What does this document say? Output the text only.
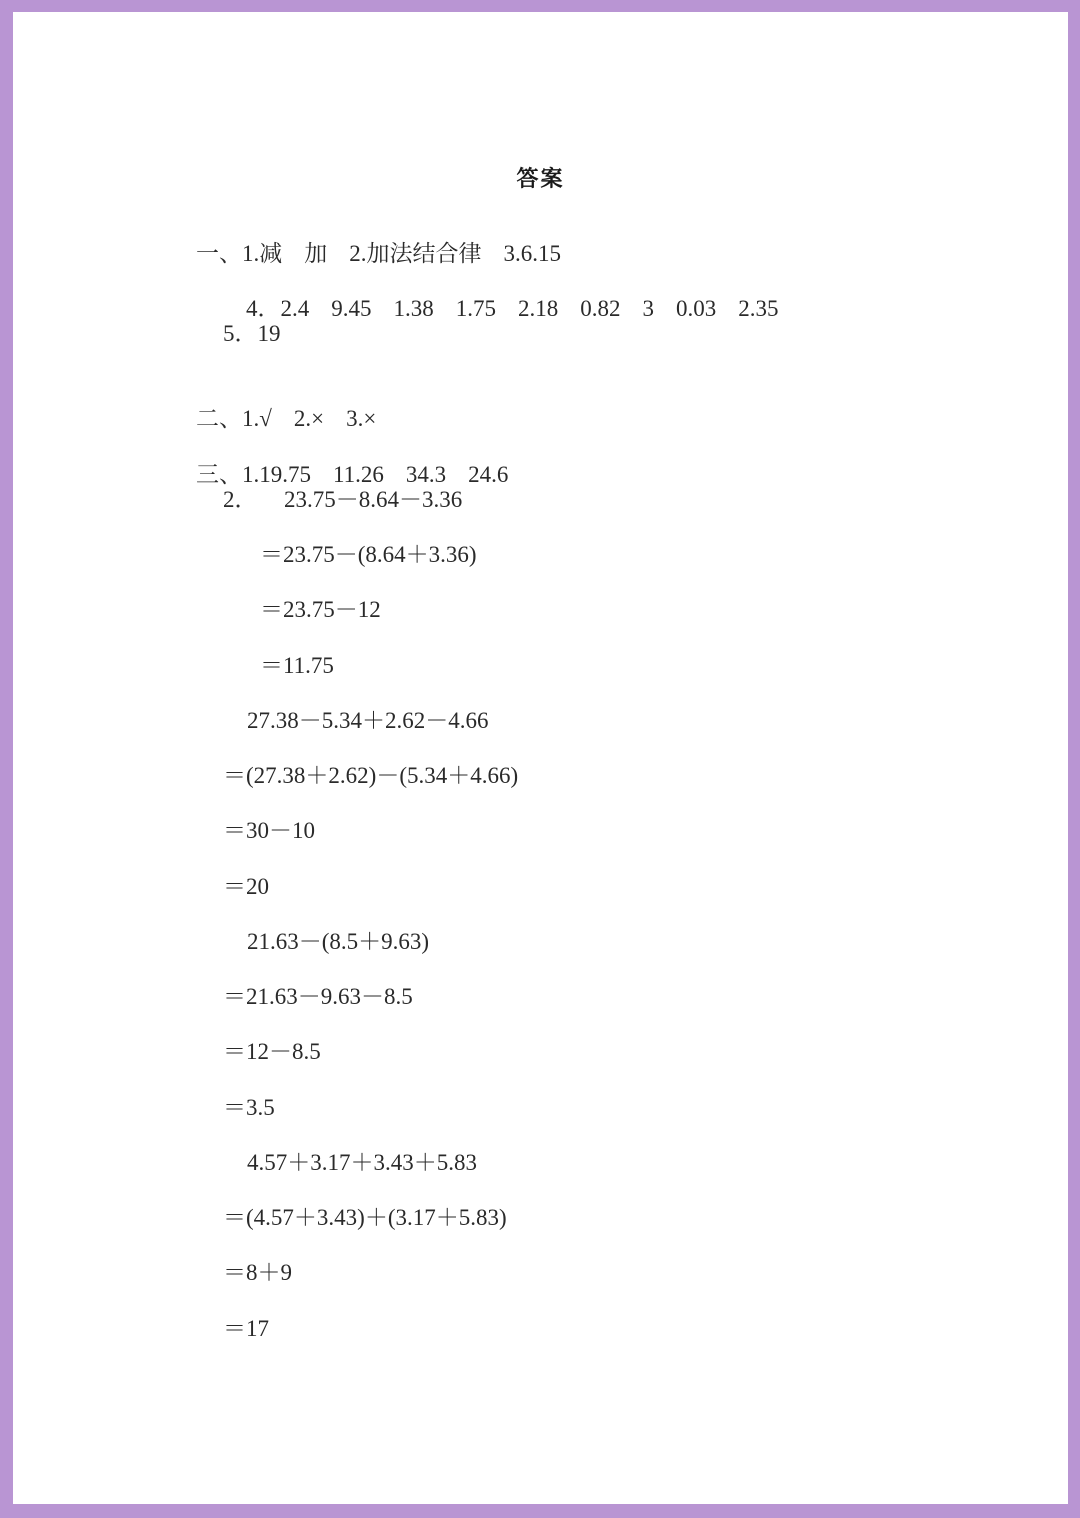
答案

一、1.减 加 2.加法结合律 3.6.15

4．2.4 9.45 1.38 1.75 2.18 0.82 3 0.03 2.35

5．19

二、1.√ 2.× 3.×

三、1.19.75 11.26 34.3 24.6

2． 23.75－8.64－3.36
＝23.75－(8.64＋3.36)
＝23.75－12
＝11.75
27.38－5.34＋2.62－4.66
＝(27.38＋2.62)－(5.34＋4.66)
＝30－10
＝20
21.63－(8.5＋9.63)
＝21.63－9.63－8.5
＝12－8.5
＝3.5
4.57＋3.17＋3.43＋5.83
＝(4.57＋3.43)＋(3.17＋5.83)
＝8＋9
＝17
